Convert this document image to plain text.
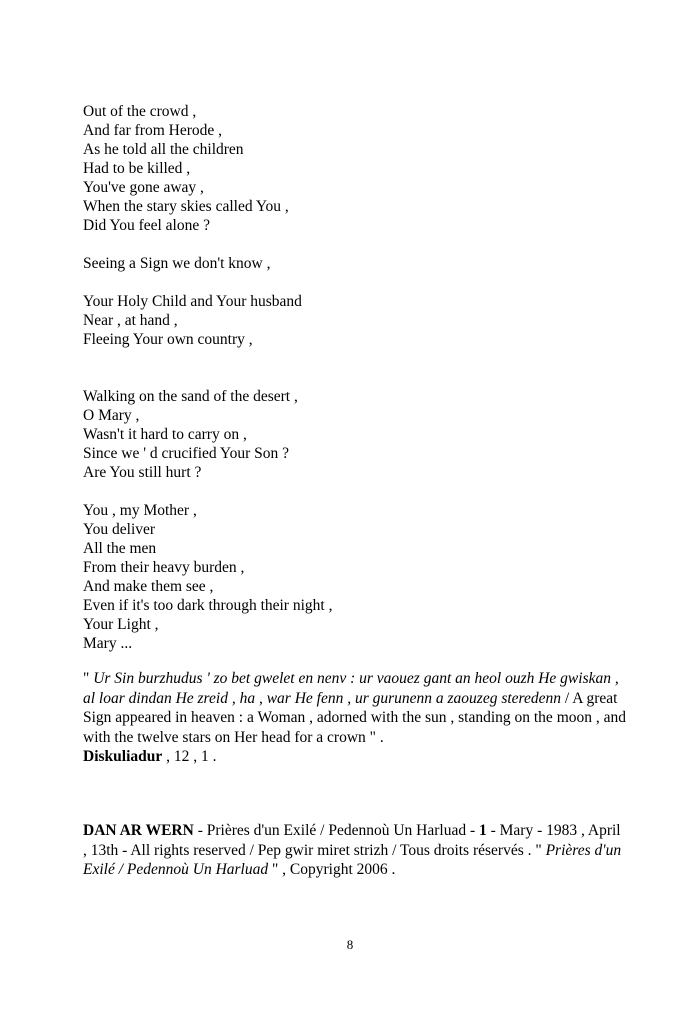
Out of the crowd ,
And far from Herode ,
As he told all the children
Had to be killed ,
You've gone away ,
When the stary skies called You ,
Did You feel alone ?
Seeing a Sign we don't know ,
Your Holy Child and Your husband
Near , at hand ,
Fleeing Your own country ,
Walking on the sand of the desert ,
O Mary ,
Wasn't it hard to carry on ,
Since we ' d crucified Your Son ?
Are You still hurt ?
You , my Mother ,
You deliver
All the men
From their heavy burden ,
And make them see ,
Even if it's too dark through their night ,
Your Light ,
Mary ...
" Ur Sin burzhudus ' zo bet gwelet en nenv : ur vaouez gant an heol ouzh He gwiskan , al loar dindan He zreid , ha , war He fenn , ur gurunenn a zaouzeg steredenn / A great Sign appeared in heaven : a Woman , adorned with the sun , standing on the moon , and with the twelve stars on Her head for a crown " .
Diskuliadur , 12 , 1 .
DAN AR WERN - Prières d'un Exilé / Pedennoù Un Harluad - 1 - Mary - 1983 , April , 13th - All rights reserved / Pep gwir miret strizh / Tous droits réservés . " Prières d'un Exilé / Pedennoù Un Harluad " , Copyright 2006 .
8
